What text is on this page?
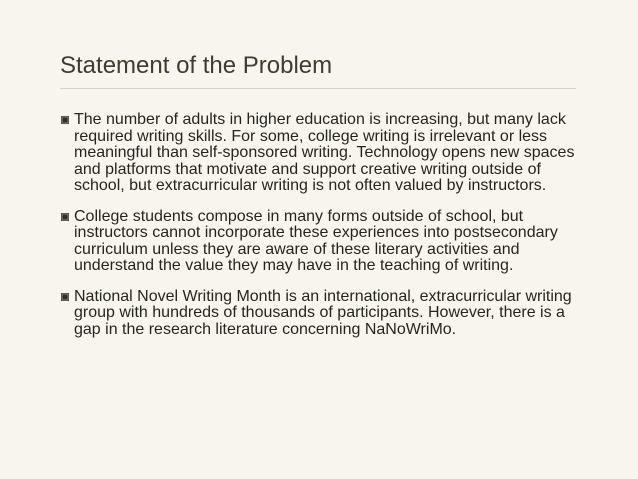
Statement of the Problem
The number of adults in higher education is increasing, but many lack required writing skills. For some, college writing is irrelevant or less meaningful than self-sponsored writing. Technology opens new spaces and platforms that motivate and support creative writing outside of school, but extracurricular writing is not often valued by instructors.
College students compose in many forms outside of school, but instructors cannot incorporate these experiences into postsecondary curriculum unless they are aware of these literary activities and understand the value they may have in the teaching of writing.
National Novel Writing Month is an international, extracurricular writing group with hundreds of thousands of participants. However, there is a gap in the research literature concerning NaNoWriMo.
